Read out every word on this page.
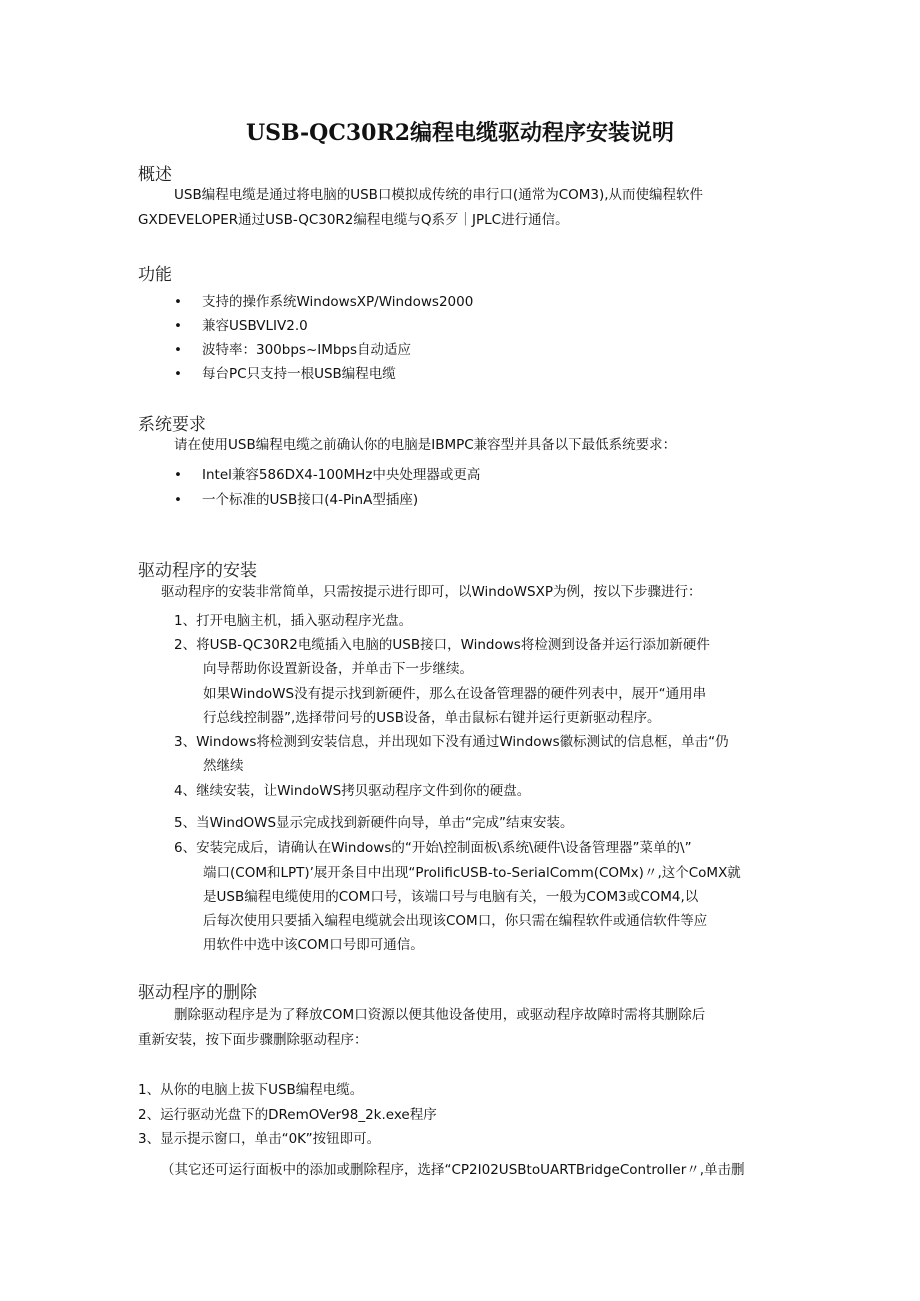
USB-QC30R2编程电缆驱动程序安装说明
概述
USB编程电缆是通过将电脑的USB口模拟成传统的串行口(通常为COM3),从而使编程软件
GXDEVELOPER通过USB-QC30R2编程电缆与Q系歹｜JPLC进行通信。
功能
• 支持的操作系统WindowsXP/Windows2000
• 兼容USBVLIV2.0
• 波特率：300bps~IMbps自动适应
• 每台PC只支持一根USB编程电缆
系统要求
请在使用USB编程电缆之前确认你的电脑是IBMPC兼容型并具备以下最低系统要求：
• Intel兼容586DX4-100MHz中央处理器或更高
• 一个标准的USB接口(4-PinA型插座)
驱动程序的安装
驱动程序的安装非常简单，只需按提示进行即可，以WindoWSXP为例，按以下步骤进行：
1、打开电脑主机，插入驱动程序光盘。
2、将USB-QC30R2电缆插入电脑的USB接口，Windows将检测到设备并运行添加新硬件
向导帮助你设置新设备，并单击下一步继续。
如果WindoWS没有提示找到新硬件，那么在设备管理器的硬件列表中，展开“通用串
行总线控制器”,选择带问号的USB设备，单击鼠标右键并运行更新驱动程序。
3、Windows将检测到安装信息，并出现如下没有通过Windows徽标测试的信息框，单击“仍
然继续
4、继续安装，让WindoWS拷贝驱动程序文件到你的硬盘。
5、当WindOWS显示完成找到新硬件向导，单击“完成”结束安装。
6、安装完成后，请确认在Windows的“开始\控制面板\系统\硬件\设备管理器”菜单的\”
端口(COM和LPT)’展开条目中出现“ProlificUSB-to-SerialComm(COMx)〃,这个CoMX就
是USB编程电缆使用的COM口号，该端口号与电脑有关，一般为COM3或COM4,以
后每次使用只要插入编程电缆就会出现该COM口，你只需在编程软件或通信软件等应
用软件中选中该COM口号即可通信。
驱动程序的删除
删除驱动程序是为了释放COM口资源以便其他设备使用，或驱动程序故障时需将其删除后
重新安装，按下面步骤删除驱动程序：
1、从你的电脑上拔下USB编程电缆。
2、运行驱动光盘下的DRemOVer98_2k.exe程序
3、显示提示窗口，单击“0K”按钮即可。
（其它还可运行面板中的添加或删除程序，选择“CP2I02USBtoUARTBridgeController〃,单击删
